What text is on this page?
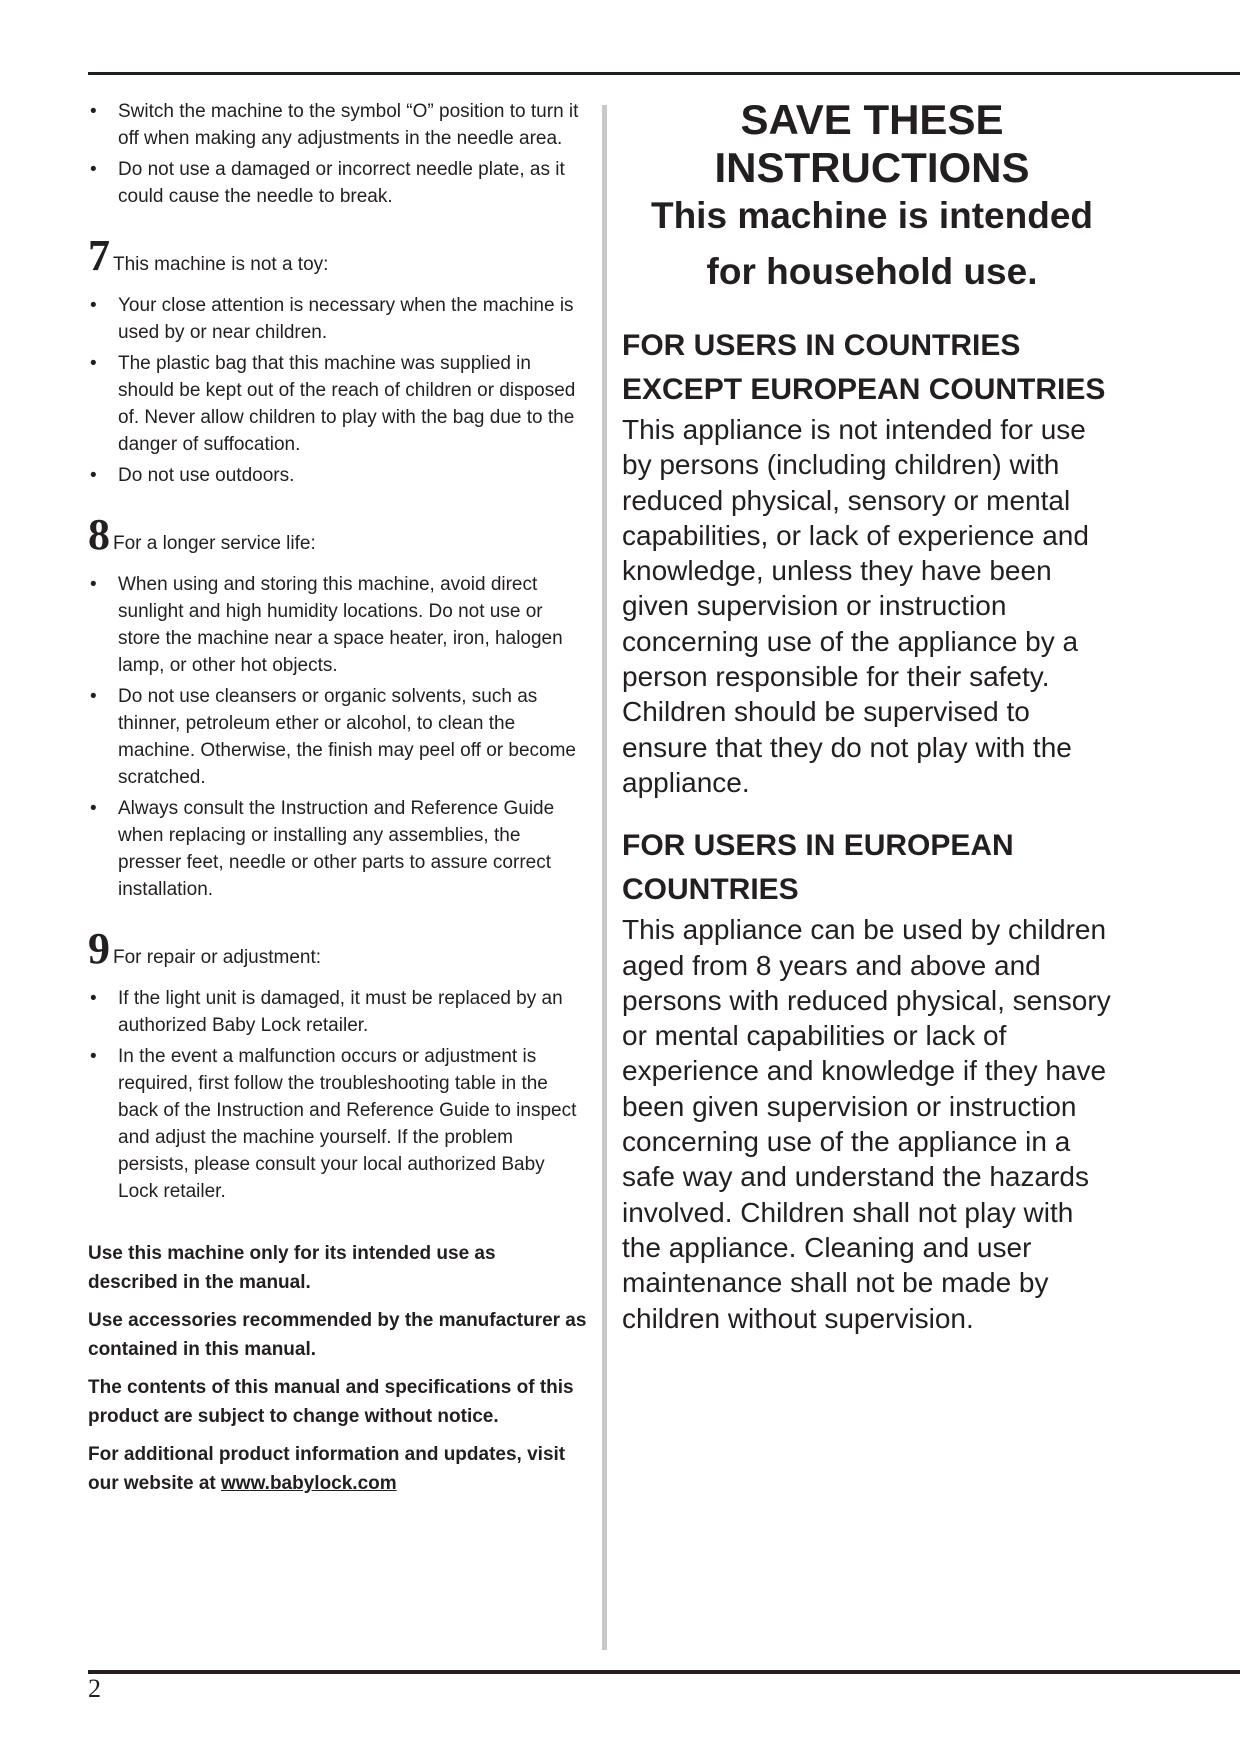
• Switch the machine to the symbol “O” position to turn it off when making any adjustments in the needle area.
• Do not use a damaged or incorrect needle plate, as it could cause the needle to break.
7 This machine is not a toy:
• Your close attention is necessary when the machine is used by or near children.
• The plastic bag that this machine was supplied in should be kept out of the reach of children or disposed of. Never allow children to play with the bag due to the danger of suffocation.
• Do not use outdoors.
8 For a longer service life:
• When using and storing this machine, avoid direct sunlight and high humidity locations. Do not use or store the machine near a space heater, iron, halogen lamp, or other hot objects.
• Do not use cleansers or organic solvents, such as thinner, petroleum ether or alcohol, to clean the machine. Otherwise, the finish may peel off or become scratched.
• Always consult the Instruction and Reference Guide when replacing or installing any assemblies, the presser feet, needle or other parts to assure correct installation.
9 For repair or adjustment:
• If the light unit is damaged, it must be replaced by an authorized Baby Lock retailer.
• In the event a malfunction occurs or adjustment is required, first follow the troubleshooting table in the back of the Instruction and Reference Guide to inspect and adjust the machine yourself. If the problem persists, please consult your local authorized Baby Lock retailer.

Use this machine only for its intended use as described in the manual.

Use accessories recommended by the manufacturer as contained in this manual.

The contents of this manual and specifications of this product are subject to change without notice.

For additional product information and updates, visit our website at www.babylock.com

SAVE THESE
INSTRUCTIONS
This machine is intended
for household use.
FOR USERS IN COUNTRIES
EXCEPT EUROPEAN COUNTRIES

This appliance is not intended for use
by persons (including children) with
reduced physical, sensory or mental
capabilities, or lack of experience and
knowledge, unless they have been
given supervision or instruction
concerning use of the appliance by a
person responsible for their safety.
Children should be supervised to
ensure that they do not play with the
appliance.

FOR USERS IN EUROPEAN
COUNTRIES

This appliance can be used by children
aged from 8 years and above and
persons with reduced physical, sensory
or mental capabilities or lack of
experience and knowledge if they have
been given supervision or instruction
concerning use of the appliance in a
safe way and understand the hazards
involved. Children shall not play with
the appliance. Cleaning and user
maintenance shall not be made by
children without supervision.

2
